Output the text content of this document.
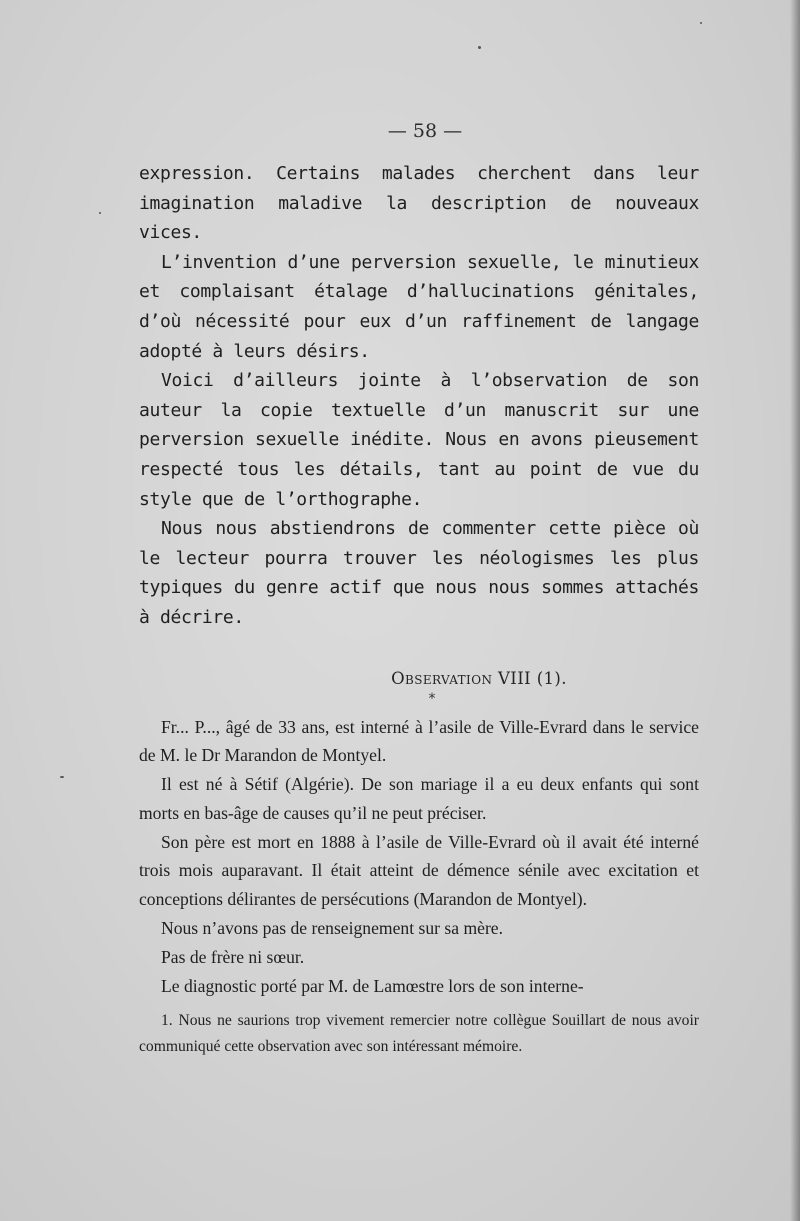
— 58 —

expression. Certains malades cherchent dans leur imagination maladive la description de nouveaux vices.

L’invention d’une perversion sexuelle, le minutieux et complaisant étalage d’hallucinations génitales, d’où nécessité pour eux d’un raffinement de langage adopté à leurs désirs.

Voici d’ailleurs jointe à l’observation de son auteur la copie textuelle d’un manuscrit sur une perversion sexuelle inédite. Nous en avons pieusement respecté tous les détails, tant au point de vue du style que de l’orthographe.

Nous nous abstiendrons de commenter cette pièce où le lecteur pourra trouver les néologismes les plus typiques du genre actif que nous nous sommes attachés à décrire.

Observation VIII (1).
*

Fr... P..., âgé de 33 ans, est interné à l’asile de Ville-Evrard dans le service de M. le Dr Marandon de Montyel.

Il est né à Sétif (Algérie). De son mariage il a eu deux enfants qui sont morts en bas-âge de causes qu’il ne peut préciser.

Son père est mort en 1888 à l’asile de Ville-Evrard où il avait été interné trois mois auparavant. Il était atteint de démence sénile avec excitation et conceptions délirantes de persécutions (Marandon de Montyel).

Nous n’avons pas de renseignement sur sa mère.

Pas de frère ni sœur.

Le diagnostic porté par M. de Lamœstre lors de son interne-

1. Nous ne saurions trop vivement remercier notre collègue Souillart de nous avoir communiqué cette observation avec son intéressant mémoire.
